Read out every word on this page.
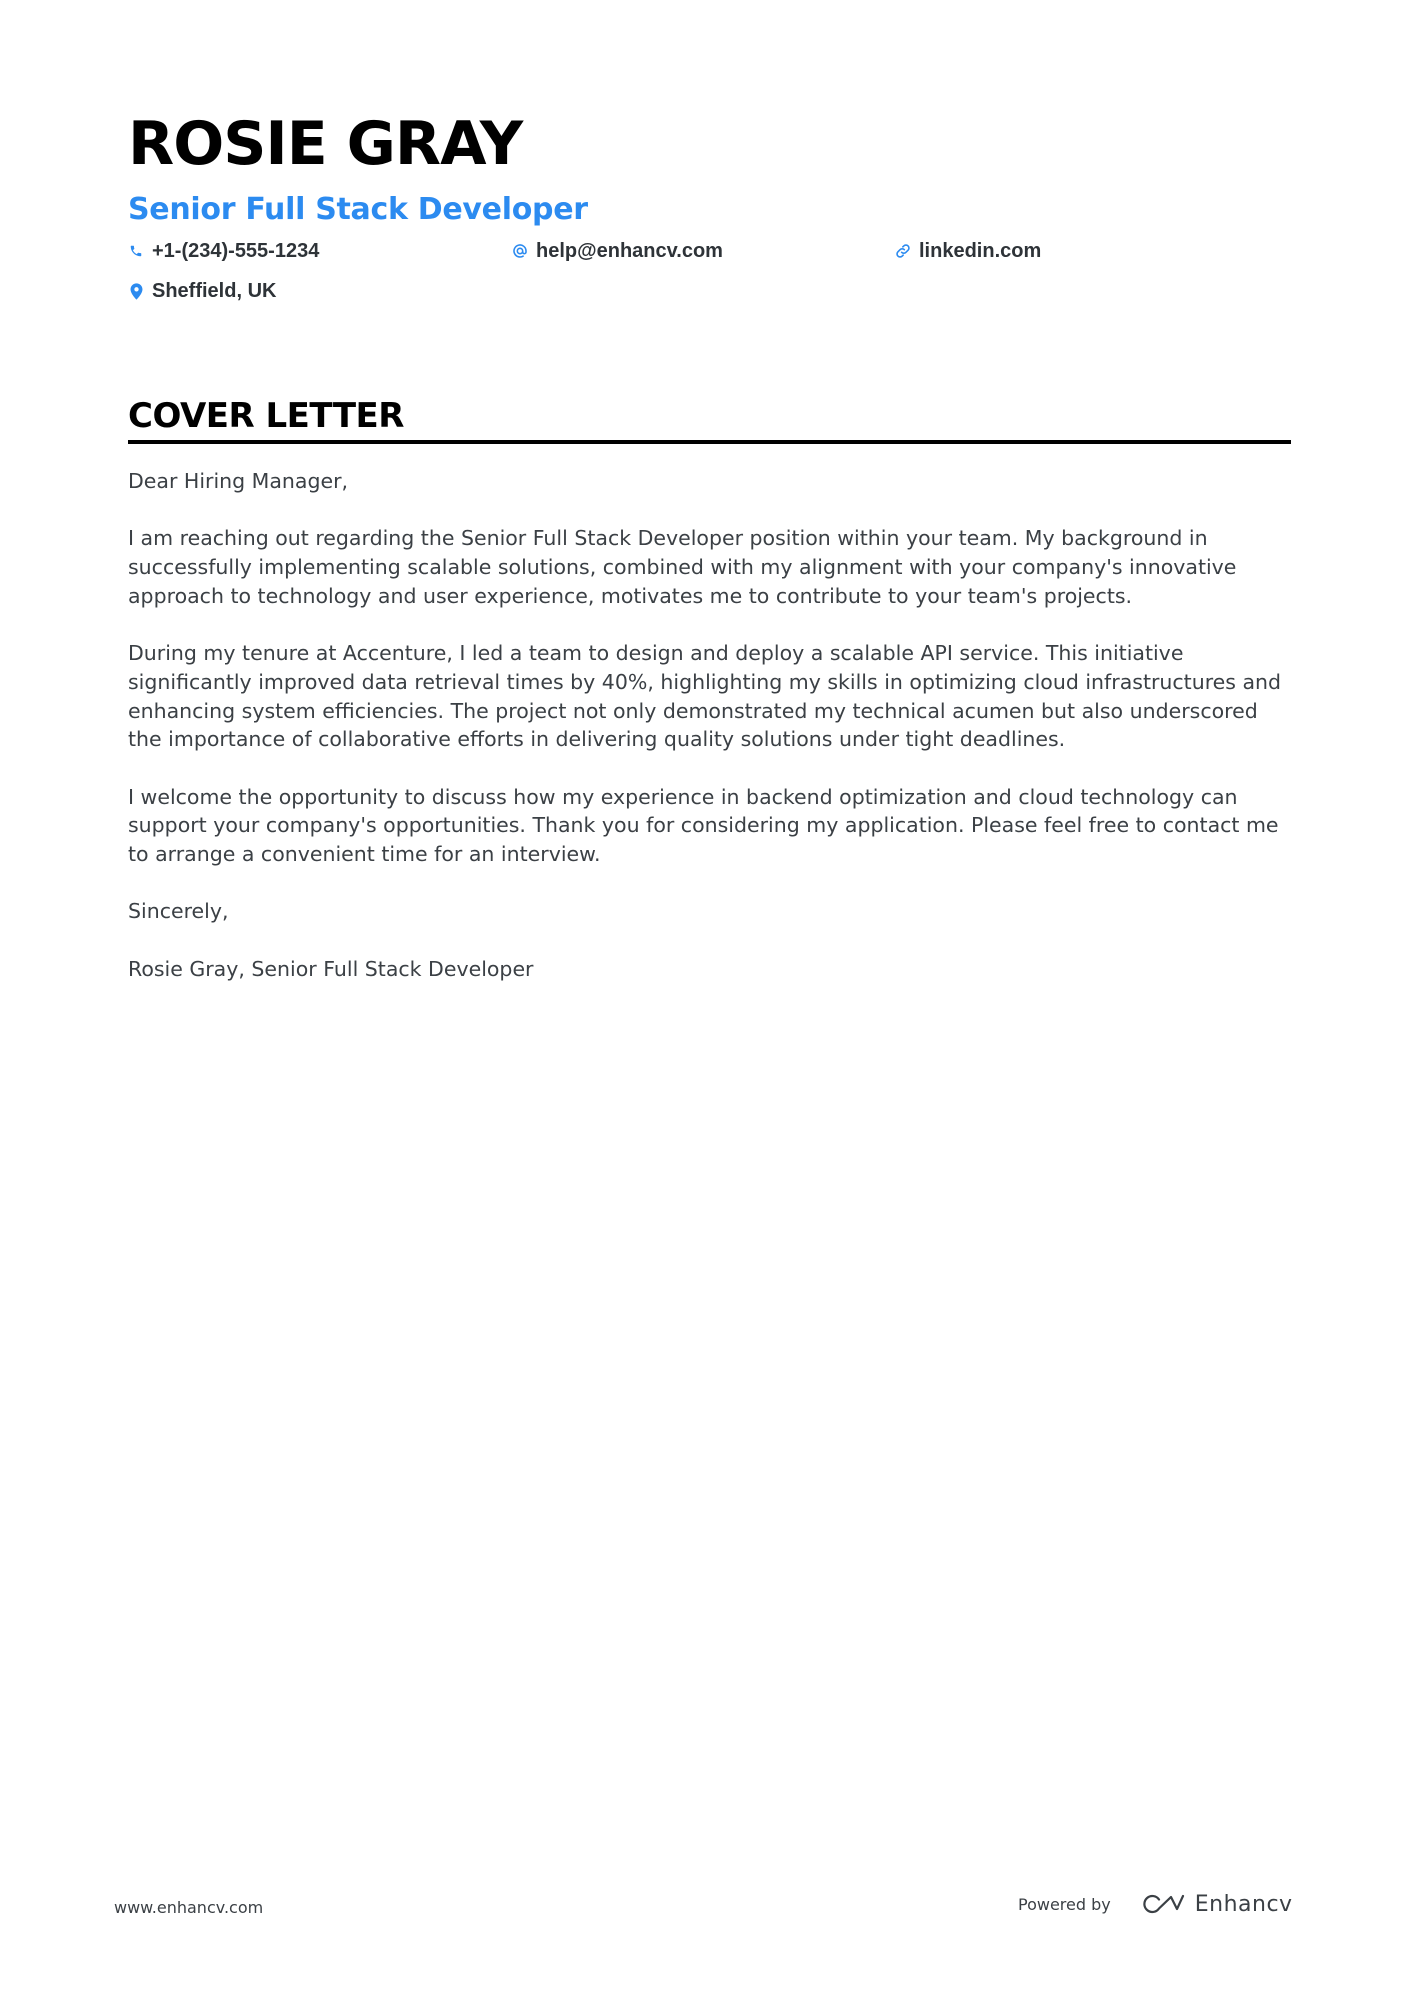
ROSIE GRAY
Senior Full Stack Developer
+1-(234)-555-1234	help@enhancv.com	linkedin.com
Sheffield, UK
COVER LETTER

Dear Hiring Manager,

I am reaching out regarding the Senior Full Stack Developer position within your team. My background in successfully implementing scalable solutions, combined with my alignment with your company's innovative approach to technology and user experience, motivates me to contribute to your team's projects.

During my tenure at Accenture, I led a team to design and deploy a scalable API service. This initiative significantly improved data retrieval times by 40%, highlighting my skills in optimizing cloud infrastructures and enhancing system efficiencies. The project not only demonstrated my technical acumen but also underscored the importance of collaborative efforts in delivering quality solutions under tight deadlines.

I welcome the opportunity to discuss how my experience in backend optimization and cloud technology can support your company's opportunities. Thank you for considering my application. Please feel free to contact me to arrange a convenient time for an interview.

Sincerely,

Rosie Gray, Senior Full Stack Developer

www.enhancv.com	Powered by	Enhancv
